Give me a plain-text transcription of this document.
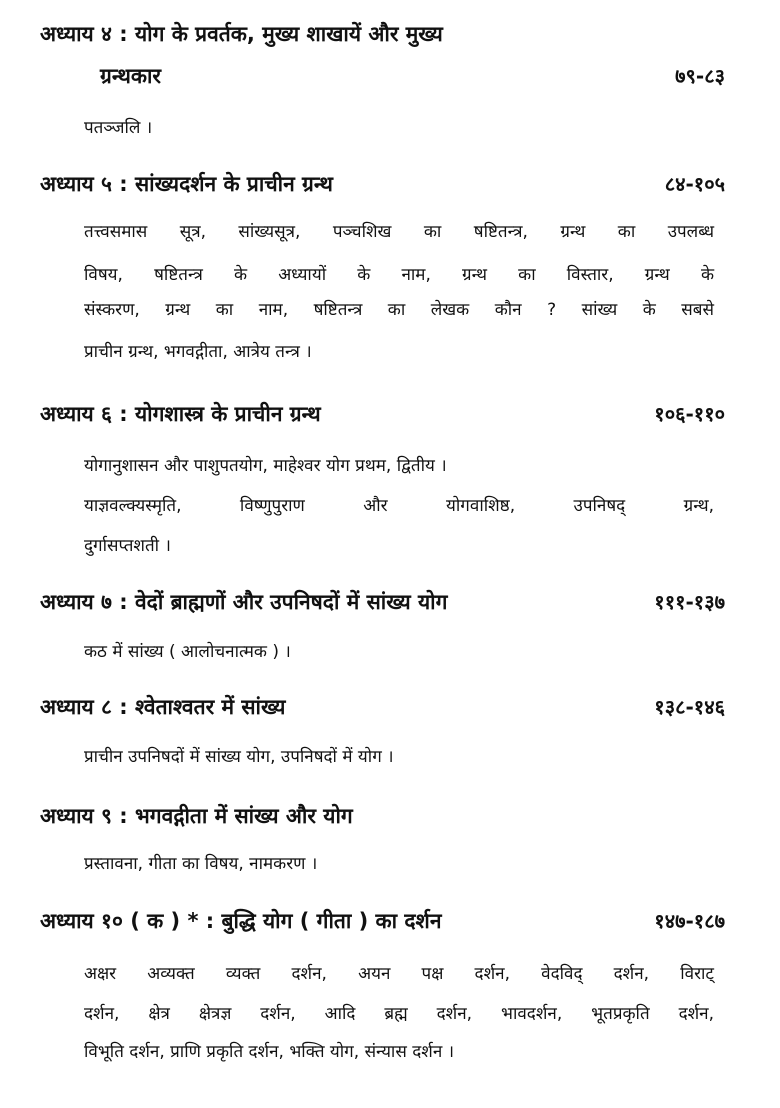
अध्याय ४ : योग के प्रवर्तक, मुख्य शाखायें और मुख्य
ग्रन्थकार	७९-८३
पतञ्जलि ।
अध्याय ५ : सांख्यदर्शन के प्राचीन ग्रन्थ	८४-१०५
तत्त्वसमास सूत्र, सांख्यसूत्र, पञ्चशिख का षष्टितन्त्र, ग्रन्थ का उपलब्ध
विषय, षष्टितन्त्र के अध्यायों के नाम, ग्रन्थ का विस्तार, ग्रन्थ के
संस्करण, ग्रन्थ का नाम, षष्टितन्त्र का लेखक कौन ? सांख्य के सबसे
प्राचीन ग्रन्थ, भगवद्गीता, आत्रेय तन्त्र ।
अध्याय ६ : योगशास्त्र के प्राचीन ग्रन्थ	१०६-११०
योगानुशासन और पाशुपतयोग, माहेश्वर योग प्रथम, द्वितीय ।
याज्ञवल्क्यस्मृति, विष्णुपुराण और योगवाशिष्ठ, उपनिषद् ग्रन्थ,
दुर्गासप्तशती ।
अध्याय ७ : वेदों ब्राह्मणों और उपनिषदों में सांख्य योग	१११-१३७
कठ में सांख्य ( आलोचनात्मक ) ।
अध्याय ८ : श्वेताश्वतर में सांख्य	१३८-१४६
प्राचीन उपनिषदों में सांख्य योग, उपनिषदों में योग ।
अध्याय ९ : भगवद्गीता में सांख्य और योग
प्रस्तावना, गीता का विषय, नामकरण ।
अध्याय १० ( क ) * : बुद्धि योग ( गीता ) का दर्शन	१४७-१८७
अक्षर अव्यक्त व्यक्त दर्शन, अयन पक्ष दर्शन, वेदविद् दर्शन, विराट्
दर्शन, क्षेत्र क्षेत्रज्ञ दर्शन, आदि ब्रह्म दर्शन, भावदर्शन, भूतप्रकृति दर्शन,
विभूति दर्शन, प्राणि प्रकृति दर्शन, भक्ति योग, संन्यास दर्शन ।
